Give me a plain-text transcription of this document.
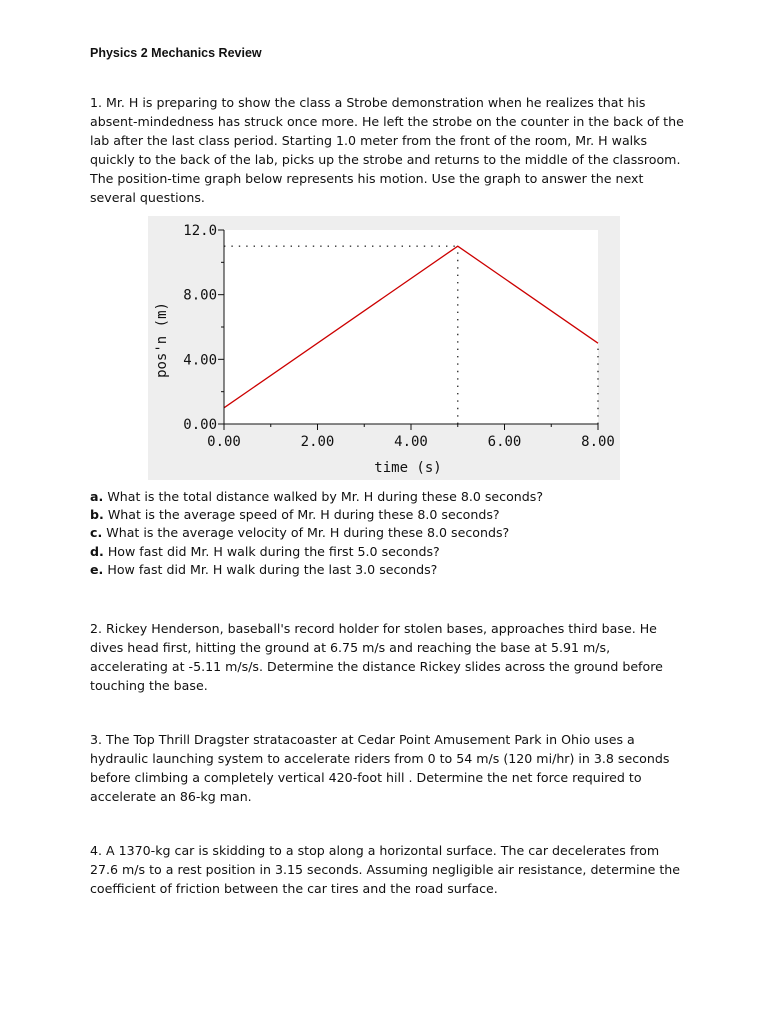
Physics 2 Mechanics Review

1. Mr. H is preparing to show the class a Strobe demonstration when he realizes that his absent-mindedness has struck once more. He left the strobe on the counter in the back of the lab after the last class period. Starting 1.0 meter from the front of the room, Mr. H walks quickly to the back of the lab, picks up the strobe and returns to the middle of the classroom. The position-time graph below represents his motion. Use the graph to answer the next several questions.

0.00	2.00	4.00	6.00	8.00
0.00
4.00
8.00
12.0
time (s)
pos'n (m)
a. What is the total distance walked by Mr. H during these 8.0 seconds?
b. What is the average speed of Mr. H during these 8.0 seconds?
c. What is the average velocity of Mr. H during these 8.0 seconds?
d. How fast did Mr. H walk during the first 5.0 seconds?
e. How fast did Mr. H walk during the last 3.0 seconds?

2. Rickey Henderson, baseball's record holder for stolen bases, approaches third base. He dives head first, hitting the ground at 6.75 m/s and reaching the base at 5.91 m/s, accelerating at -5.11 m/s/s. Determine the distance Rickey slides across the ground before touching the base.

3. The Top Thrill Dragster stratacoaster at Cedar Point Amusement Park in Ohio uses a hydraulic launching system to accelerate riders from 0 to 54 m/s (120 mi/hr) in 3.8 seconds before climbing a completely vertical 420-foot hill . Determine the net force required to accelerate an 86-kg man.

4. A 1370-kg car is skidding to a stop along a horizontal surface. The car decelerates from 27.6 m/s to a rest position in 3.15 seconds. Assuming negligible air resistance, determine the coefficient of friction between the car tires and the road surface.
